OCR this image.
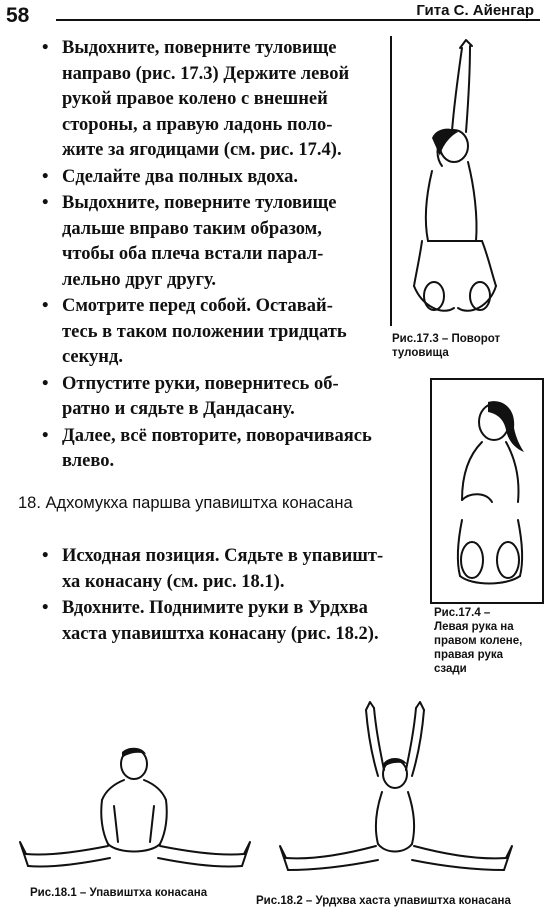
58	Гита С. Айенгар
• Выдохните, поверните туловище
направо (рис. 17.3) Держите левой
рукой правое колено с внешней
стороны, а правую ладонь поло-
жите за ягодицами (см. рис. 17.4).
• Сделайте два полных вдоха.
• Выдохните, поверните туловище
дальше вправо таким образом,
чтобы оба плеча встали парал-
лельно друг другу.
• Смотрите перед собой. Оставай-
тесь в таком положении тридцать
секунд.
• Отпустите руки, повернитесь об-
ратно и сядьте в Дандасану.
• Далее, всё повторите, поворачиваясь
влево.
Рис.17.3 – Поворот
туловища
Рис.17.4 –
Левая рука на
правом колене,
правая рука
сзади
18. Адхомукха паршва упавиштха конасана
• Исходная позиция. Сядьте в упавишт-
ха конасану (см. рис. 18.1).
• Вдохните. Поднимите руки в Урдхва
хаста упавиштха конасану (рис. 18.2).
Рис.18.1 – Упавиштха конасана
Рис.18.2 – Урдхва хаста упавиштха конасана
